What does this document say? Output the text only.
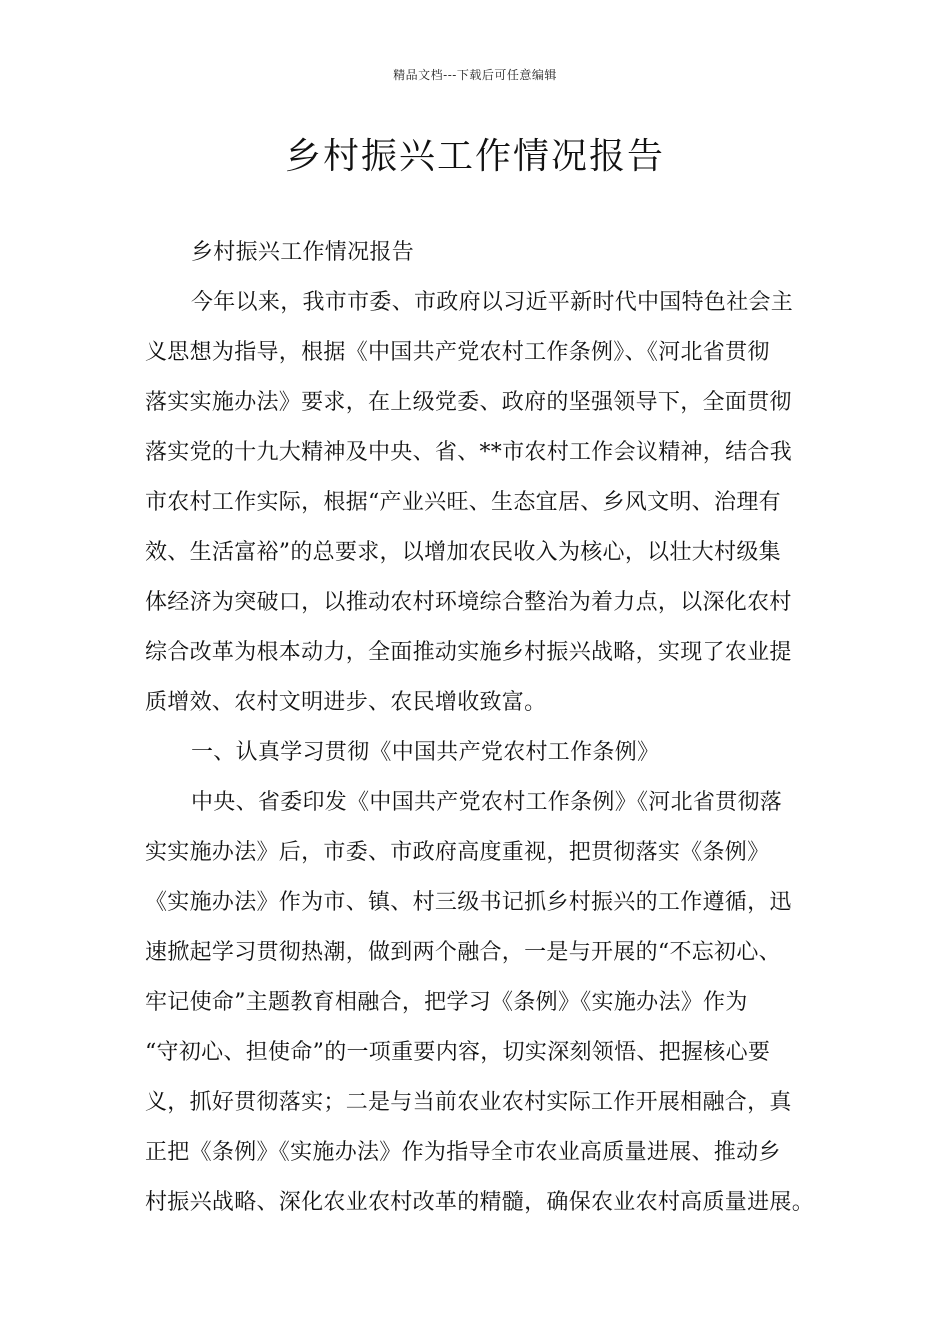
精品文档---下载后可任意编辑
乡村振兴工作情况报告
乡村振兴工作情况报告
今年以来，我市市委、市政府以习近平新时代中国特色社会主
义思想为指导，根据《中国共产党农村工作条例》、《河北省贯彻
落实实施办法》要求，在上级党委、政府的坚强领导下，全面贯彻
落实党的十九大精神及中央、省、**市农村工作会议精神，结合我
市农村工作实际，根据“产业兴旺、生态宜居、乡风文明、治理有
效、生活富裕”的总要求，以增加农民收入为核心，以壮大村级集
体经济为突破口，以推动农村环境综合整治为着力点，以深化农村
综合改革为根本动力，全面推动实施乡村振兴战略，实现了农业提
质增效、农村文明进步、农民增收致富。
一、认真学习贯彻《中国共产党农村工作条例》
中央、省委印发《中国共产党农村工作条例》《河北省贯彻落
实实施办法》后，市委、市政府高度重视，把贯彻落实《条例》
《实施办法》作为市、镇、村三级书记抓乡村振兴的工作遵循，迅
速掀起学习贯彻热潮，做到两个融合，一是与开展的“不忘初心、
牢记使命”主题教育相融合，把学习《条例》《实施办法》作为
“守初心、担使命”的一项重要内容，切实深刻领悟、把握核心要
义，抓好贯彻落实；二是与当前农业农村实际工作开展相融合，真
正把《条例》《实施办法》作为指导全市农业高质量进展、推动乡
村振兴战略、深化农业农村改革的精髓，确保农业农村高质量进展。
